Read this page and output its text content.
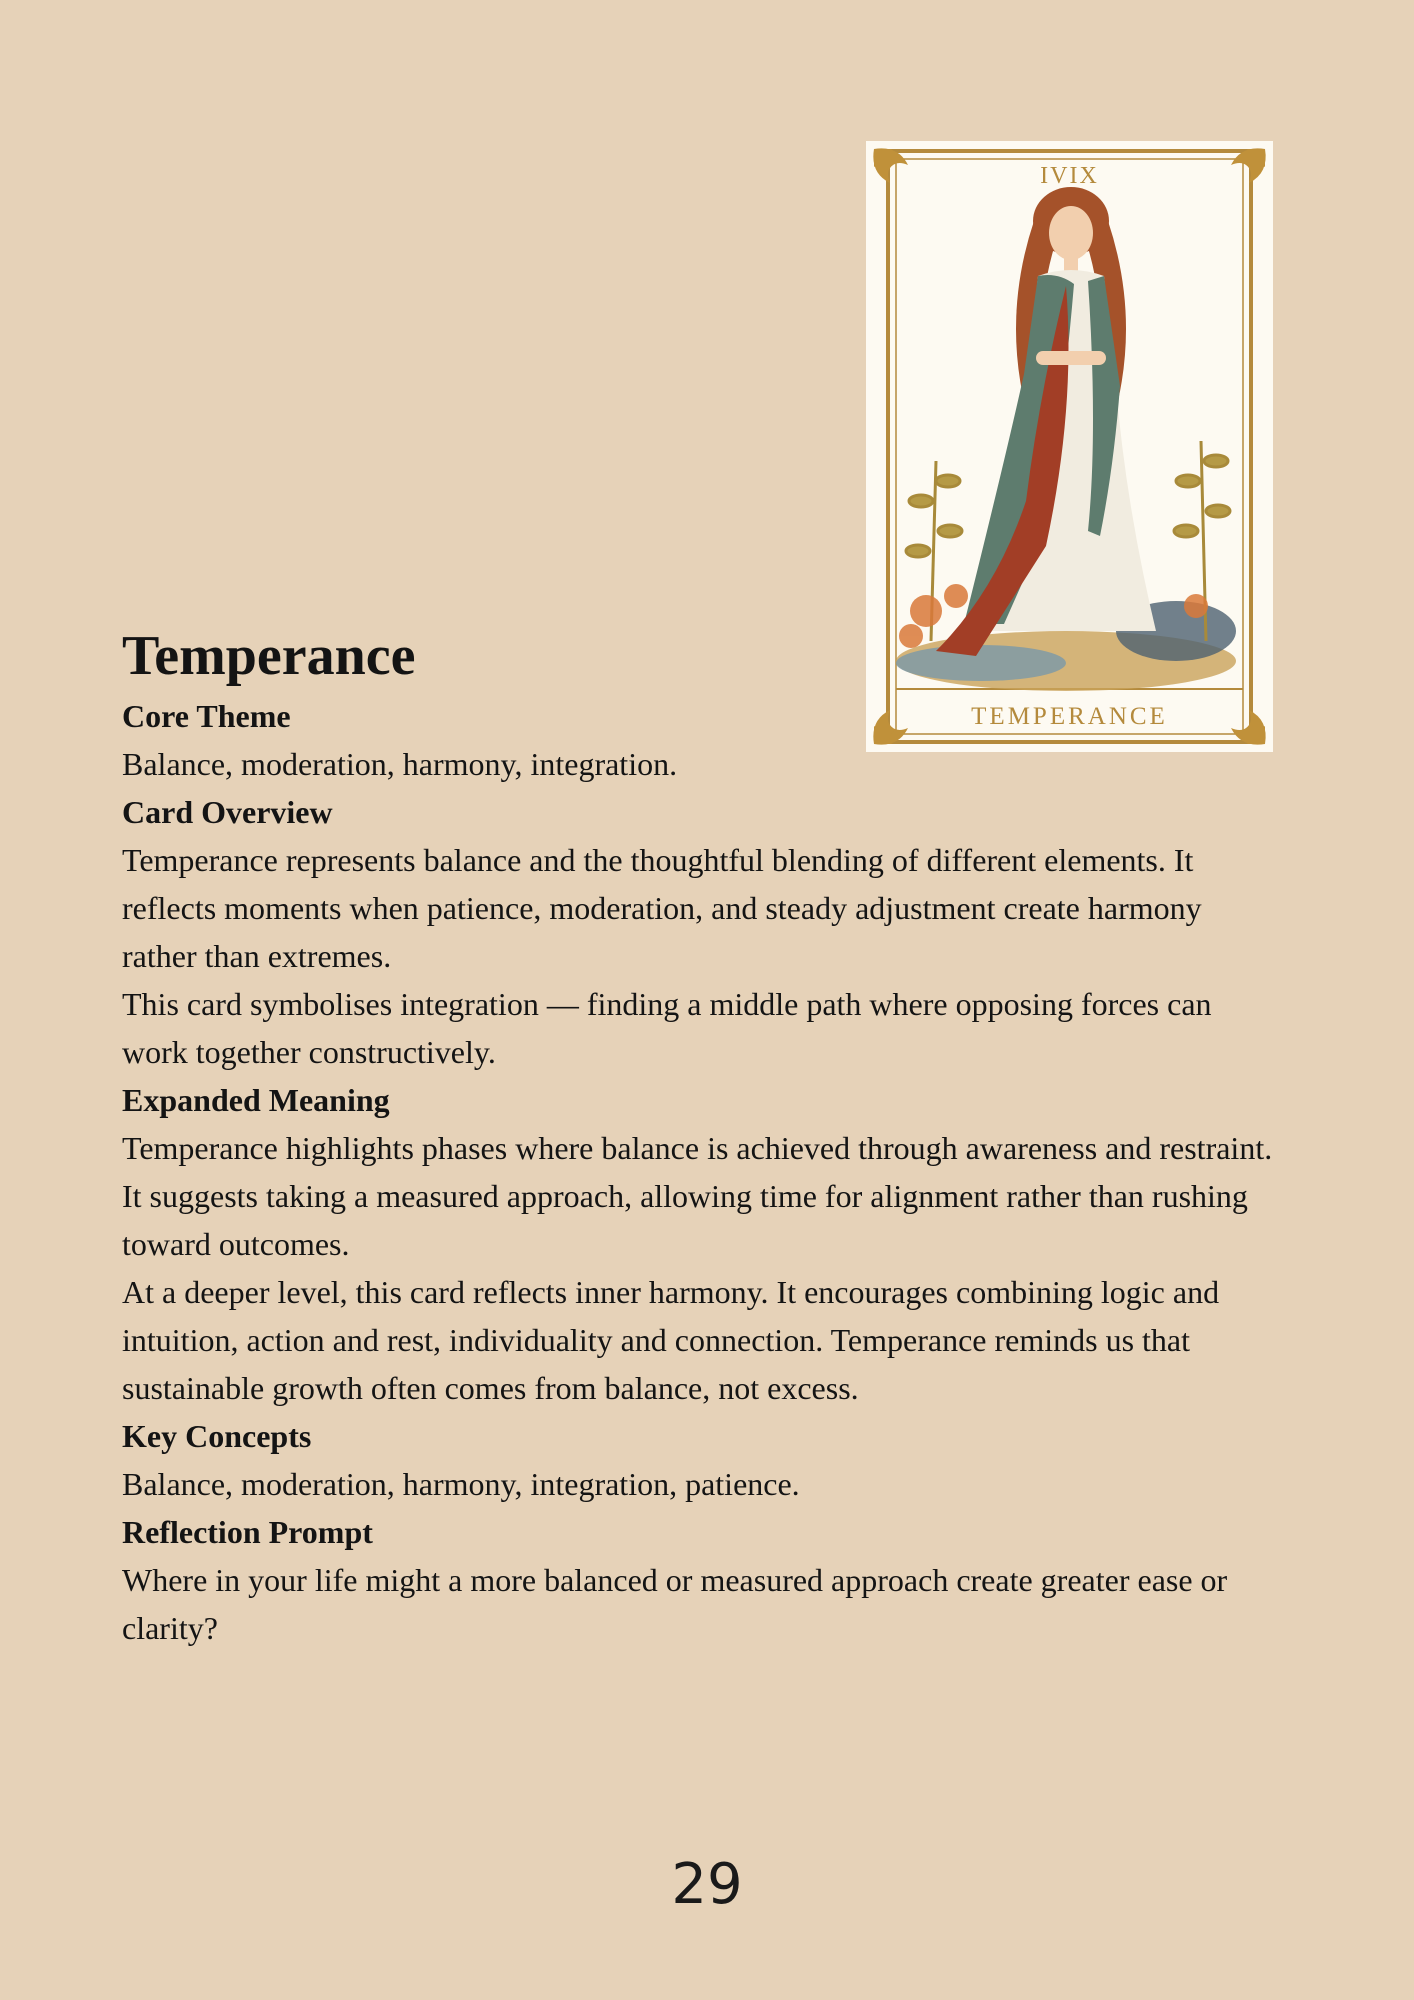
IVIX
TEMPERANCE
Temperance
Core Theme
Balance, moderation, harmony, integration.
Card Overview
Temperance represents balance and the thoughtful blending of different elements. It reflects moments when patience, moderation, and steady adjustment create harmony rather than extremes.
This card symbolises integration — finding a middle path where opposing forces can work together constructively.
Expanded Meaning
Temperance highlights phases where balance is achieved through awareness and restraint. It suggests taking a measured approach, allowing time for alignment rather than rushing toward outcomes.
At a deeper level, this card reflects inner harmony. It encourages combining logic and intuition, action and rest, individuality and connection. Temperance reminds us that sustainable growth often comes from balance, not excess.
Key Concepts
Balance, moderation, harmony, integration, patience.
Reflection Prompt
Where in your life might a more balanced or measured approach create greater ease or clarity?
29
